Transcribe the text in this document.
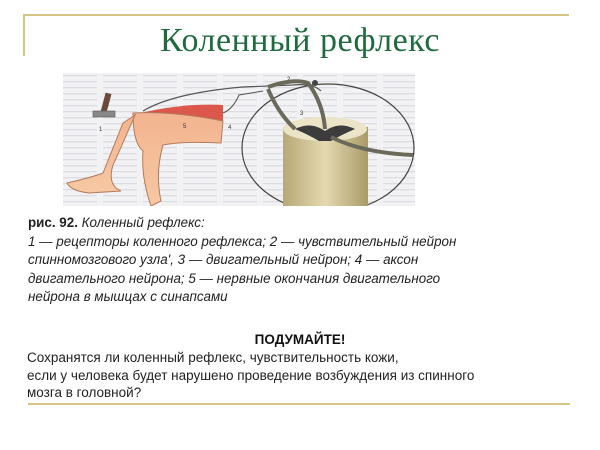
Коленный рефлекс
1	5	4
2
3
рис. 92. Коленный рефлекс:
1 — рецепторы коленного рефлекса; 2 — чувствительный нейрон
спинномозгового узла', 3 — двигательный нейрон; 4 — аксон
двигательного нейрона; 5 — нервные окончания двигательного
нейрона в мышцах с синапсами
ПОДУМАЙТЕ!
Сохранятся ли коленный рефлекс, чувствительность кожи,
если у человека будет нарушено проведение возбуждения из спинного
мозга в головной?
